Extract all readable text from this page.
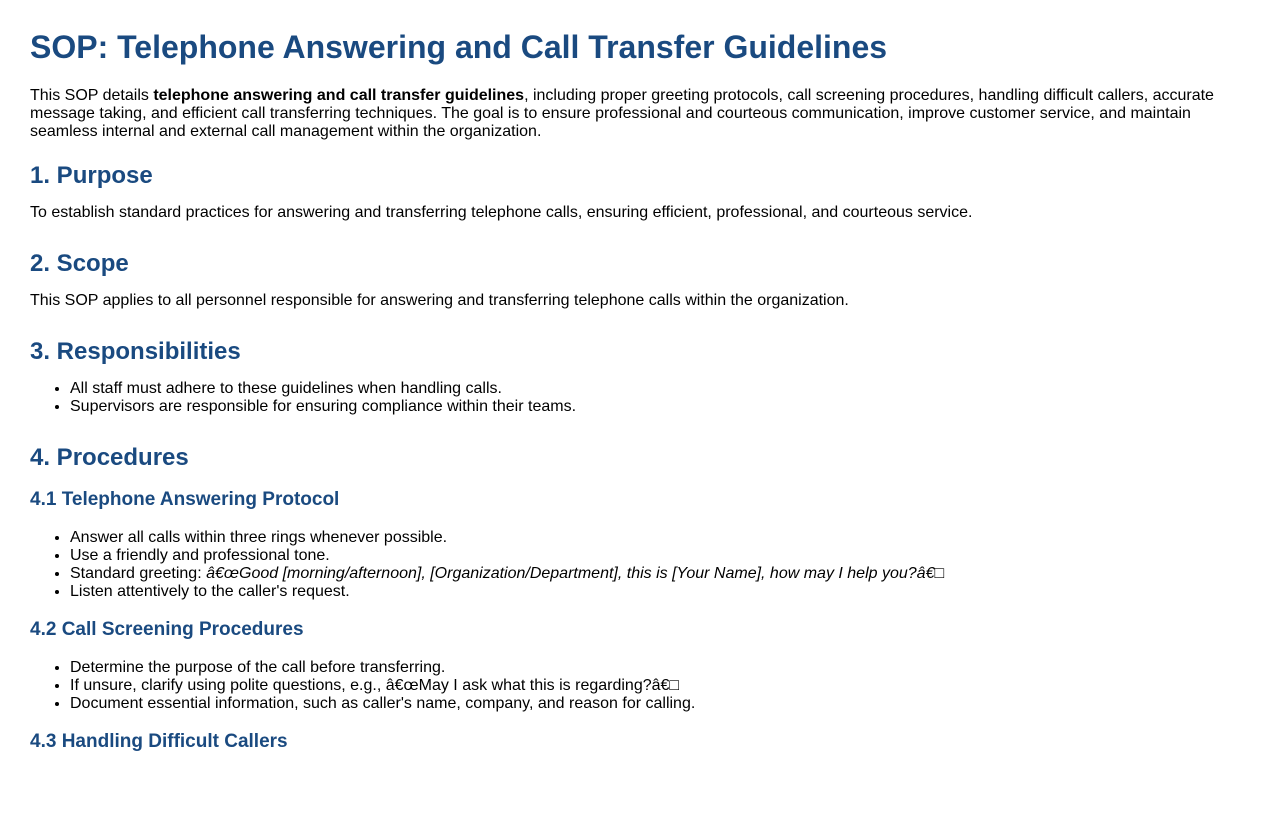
SOP: Telephone Answering and Call Transfer Guidelines

This SOP details telephone answering and call transfer guidelines, including proper greeting protocols, call screening procedures, handling difficult callers, accurate message taking, and efficient call transferring techniques. The goal is to ensure professional and courteous communication, improve customer service, and maintain seamless internal and external call management within the organization.

1. Purpose

To establish standard practices for answering and transferring telephone calls, ensuring efficient, professional, and courteous service.

2. Scope

This SOP applies to all personnel responsible for answering and transferring telephone calls within the organization.

3. Responsibilities
• All staff must adhere to these guidelines when handling calls.
• Supervisors are responsible for ensuring compliance within their teams.
4. Procedures
4.1 Telephone Answering Protocol
• Answer all calls within three rings whenever possible.
• Use a friendly and professional tone.
• Standard greeting: â€œGood [morning/afternoon], [Organization/Department], this is [Your Name], how may I help you?â€□
• Listen attentively to the caller's request.
4.2 Call Screening Procedures
• Determine the purpose of the call before transferring.
• If unsure, clarify using polite questions, e.g., â€œMay I ask what this is regarding?â€□
• Document essential information, such as caller's name, company, and reason for calling.
4.3 Handling Difficult Callers
